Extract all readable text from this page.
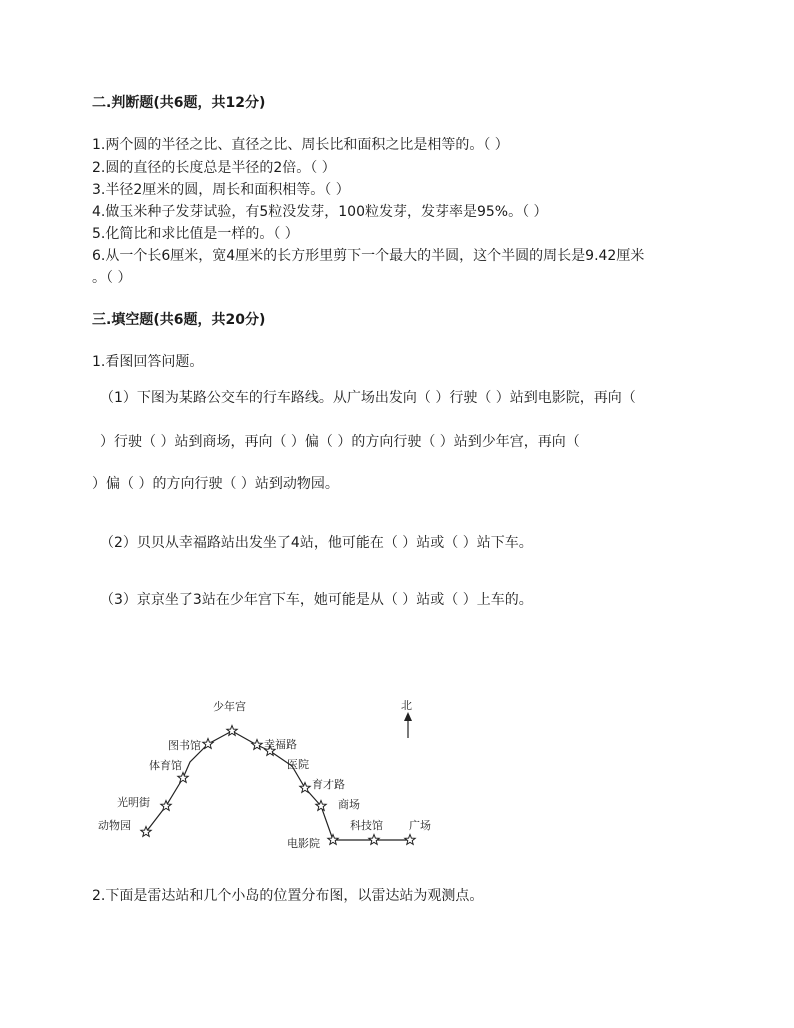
二.判断题(共6题，共12分)
1.两个圆的半径之比、直径之比、周长比和面积之比是相等的。（ ）
2.圆的直径的长度总是半径的2倍。（ ）
3.半径2厘米的圆，周长和面积相等。（ ）
4.做玉米种子发芽试验，有5粒没发芽，100粒发芽，发芽率是95%。（ ）
5.化简比和求比值是一样的。（ ）
6.从一个长6厘米，宽4厘米的长方形里剪下一个最大的半圆，这个半圆的周长是9.42厘米
。（ ）
三.填空题(共6题，共20分)
1.看图回答问题。
（1）下图为某路公交车的行车路线。从广场出发向（ ）行驶（ ）站到电影院，再向（
）行驶（ ）站到商场，再向（ ）偏（ ）的方向行驶（ ）站到少年宫，再向（
）偏（ ）的方向行驶（ ）站到动物园。
（2）贝贝从幸福路站出发坐了4站，他可能在（ ）站或（ ）站下车。
（3）京京坐了3站在少年宫下车，她可能是从（ ）站或（ ）上车的。
北
少年宫
图书馆
体育馆
光明街
动物园
幸福路
医院
育才路
商场
电影院
科技馆 广场
2.下面是雷达站和几个小岛的位置分布图，以雷达站为观测点。
